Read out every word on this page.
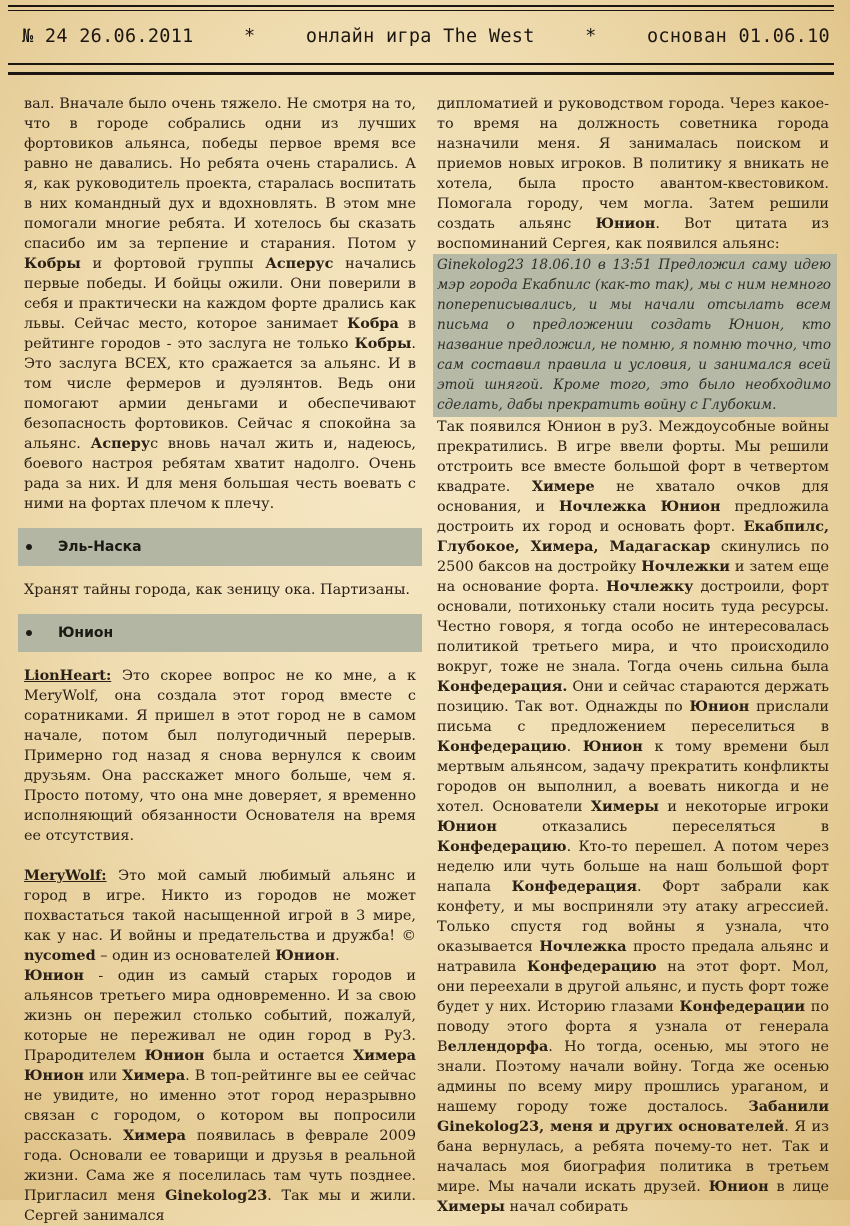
№ 24 26.06.2011	*	онлайн игра The West	*	основан 01.06.10

вал. Вначале было очень тяжело. Не смотря на то, что в городе собрались одни из лучших фортовиков альянса, победы первое время все равно не давались. Но ребята очень старались. А я, как руководитель проекта, старалась воспитать в них командный дух и вдохновлять. В этом мне помогали многие ребята. И хотелось бы сказать спасибо им за терпение и старания. Потом у Кобры и фортовой группы Асперус начались первые победы. И бойцы ожили. Они поверили в себя и практически на каждом форте дрались как львы. Сейчас место, которое занимает Кобра в рейтинге городов - это заслуга не только Кобры. Это заслуга ВСЕХ, кто сражается за альянс. И в том числе фермеров и дуэлянтов. Ведь они помогают армии деньгами и обеспечивают безопасность фортовиков. Сейчас я спокойна за альянс. Асперус вновь начал жить и, надеюсь, боевого настроя ребятам хватит надолго. Очень рада за них. И для меня большая честь воевать с ними на фортах плечом к плечу.

Эль-Наска

Хранят тайны города, как зеницу ока. Партизаны.

Юнион

LionHeart: Это скорее вопрос не ко мне, а к MeryWolf, она создала этот город вместе с соратниками. Я пришел в этот город не в самом начале, потом был полугодичный перерыв. Примерно год назад я снова вернулся к своим друзьям. Она расскажет много больше, чем я. Просто потому, что она мне доверяет, я временно исполняющий обязанности Основателя на время ее отсутствия.

MeryWolf: Это мой самый любимый альянс и город в игре. Никто из городов не может похвастаться такой насыщенной игрой в 3 мире, как у нас. И войны и предательства и дружба! © nycomed – один из основателей Юнион.
Юнион - один из самый старых городов и альянсов третьего мира одновременно. И за свою жизнь он пережил столько событий, пожалуй, которые не переживал не один город в Ру3. Прародителем Юнион была и остается Химера Юнион или Химера. В топ-рейтинге вы ее сейчас не увидите, но именно этот город неразрывно связан с городом, о котором вы попросили рассказать. Химера появилась в феврале 2009 года. Основали ее товарищи и друзья в реальной жизни. Сама же я поселилась там чуть позднее. Пригласил меня Ginekolog23. Так мы и жили. Сергей занимался

дипломатией и руководством города. Через какое-то время на должность советника города назначили меня. Я занималась поиском и приемов новых игроков. В политику я вникать не хотела, была просто авантом-квестовиком. Помогала городу, чем могла. Затем решили создать альянс Юнион. Вот цитата из воспоминаний Сергея, как появился альянс:

Ginekolog23 18.06.10 в 13:51 Предложил саму идею мэр города Екабпилс (как-то так), мы с ним немного попереписывались, и мы начали отсылать всем письма о предложении создать Юнион, кто название предложил, не помню, я помню точно, что сам составил правила и условия, и занимался всей этой шнягой. Кроме того, это было необходимо сделать, дабы прекратить войну с Глубоким.

Так появился Юнион в ру3. Междоусобные войны прекратились. В игре ввели форты. Мы решили отстроить все вместе большой форт в четвертом квадрате. Химере не хватало очков для основания, и Ночлежка Юнион предложила достроить их город и основать форт. Екабпилс, Глубокое, Химера, Мадагаскар скинулись по 2500 баксов на достройку Ночлежки и затем еще на основание форта. Ночлежку достроили, форт основали, потихоньку стали носить туда ресурсы. Честно говоря, я тогда особо не интересовалась политикой третьего мира, и что происходило вокруг, тоже не знала. Тогда очень сильна была Конфедерация. Они и сейчас стараются держать позицию. Так вот. Однажды по Юнион прислали письма с предложением переселиться в Конфедерацию. Юнион к тому времени был мертвым альянсом, задачу прекратить конфликты городов он выполнил, а воевать никогда и не хотел. Основатели Химеры и некоторые игроки Юнион отказались переселяться в Конфедерацию. Кто-то перешел. А потом через неделю или чуть больше на наш большой форт напала Конфедерация. Форт забрали как конфету, и мы восприняли эту атаку агрессией. Только спустя год войны я узнала, что оказывается Ночлежка просто предала альянс и натравила Конфедерацию на этот форт. Мол, они переехали в другой альянс, и пусть форт тоже будет у них. Историю глазами Конфедерации по поводу этого форта я узнала от генерала Веллендорфа. Но тогда, осенью, мы этого не знали. Поэтому начали войну. Тогда же осенью админы по всему миру прошлись ураганом, и нашему городу тоже досталось. Забанили Ginekolog23, меня и других основателей. Я из бана вернулась, а ребята почему-то нет. Так и началась моя биография политика в третьем мире. Мы начали искать друзей. Юнион в лице Химеры начал собирать
